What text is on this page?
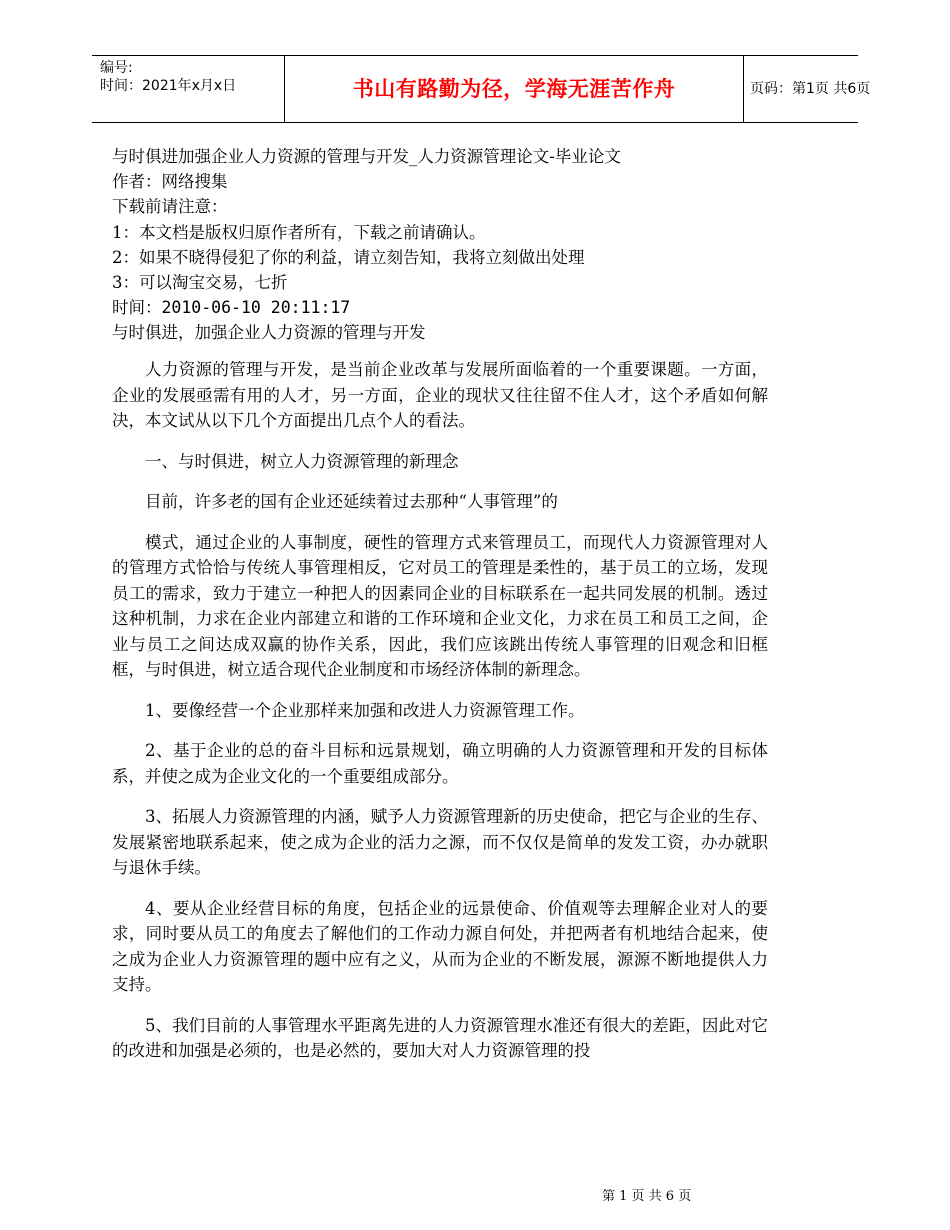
编号:
时间：2021年x月x日	书山有路勤为径，学海无涯苦作舟	页码：第1页 共6页
与时俱进加强企业人力资源的管理与开发_人力资源管理论文-毕业论文
作者：网络搜集
下载前请注意：
1：本文档是版权归原作者所有，下载之前请确认。
2：如果不晓得侵犯了你的利益，请立刻告知，我将立刻做出处理
3：可以淘宝交易，七折
时间：2010-06-10 20:11:17
与时俱进，加强企业人力资源的管理与开发

人力资源的管理与开发，是当前企业改革与发展所面临着的一个重要课题。一方面，企业的发展亟需有用的人才，另一方面，企业的现状又往往留不住人才，这个矛盾如何解决，本文试从以下几个方面提出几点个人的看法。

一、与时俱进，树立人力资源管理的新理念

目前，许多老的国有企业还延续着过去那种“人事管理”的

模式，通过企业的人事制度，硬性的管理方式来管理员工，而现代人力资源管理对人的管理方式恰恰与传统人事管理相反，它对员工的管理是柔性的，基于员工的立场，发现员工的需求，致力于建立一种把人的因素同企业的目标联系在一起共同发展的机制。透过这种机制，力求在企业内部建立和谐的工作环境和企业文化，力求在员工和员工之间，企业与员工之间达成双赢的协作关系，因此，我们应该跳出传统人事管理的旧观念和旧框框，与时俱进，树立适合现代企业制度和市场经济体制的新理念。

1、要像经营一个企业那样来加强和改进人力资源管理工作。

2、基于企业的总的奋斗目标和远景规划，确立明确的人力资源管理和开发的目标体系，并使之成为企业文化的一个重要组成部分。

3、拓展人力资源管理的内涵，赋予人力资源管理新的历史使命，把它与企业的生存、发展紧密地联系起来，使之成为企业的活力之源，而不仅仅是简单的发发工资，办办就职与退休手续。

4、要从企业经营目标的角度，包括企业的远景使命、价值观等去理解企业对人的要求，同时要从员工的角度去了解他们的工作动力源自何处，并把两者有机地结合起来，使之成为企业人力资源管理的题中应有之义，从而为企业的不断发展，源源不断地提供人力支持。

5、我们目前的人事管理水平距离先进的人力资源管理水准还有很大的差距，因此对它的改进和加强是必须的，也是必然的，要加大对人力资源管理的投

第 1 页 共 6 页
